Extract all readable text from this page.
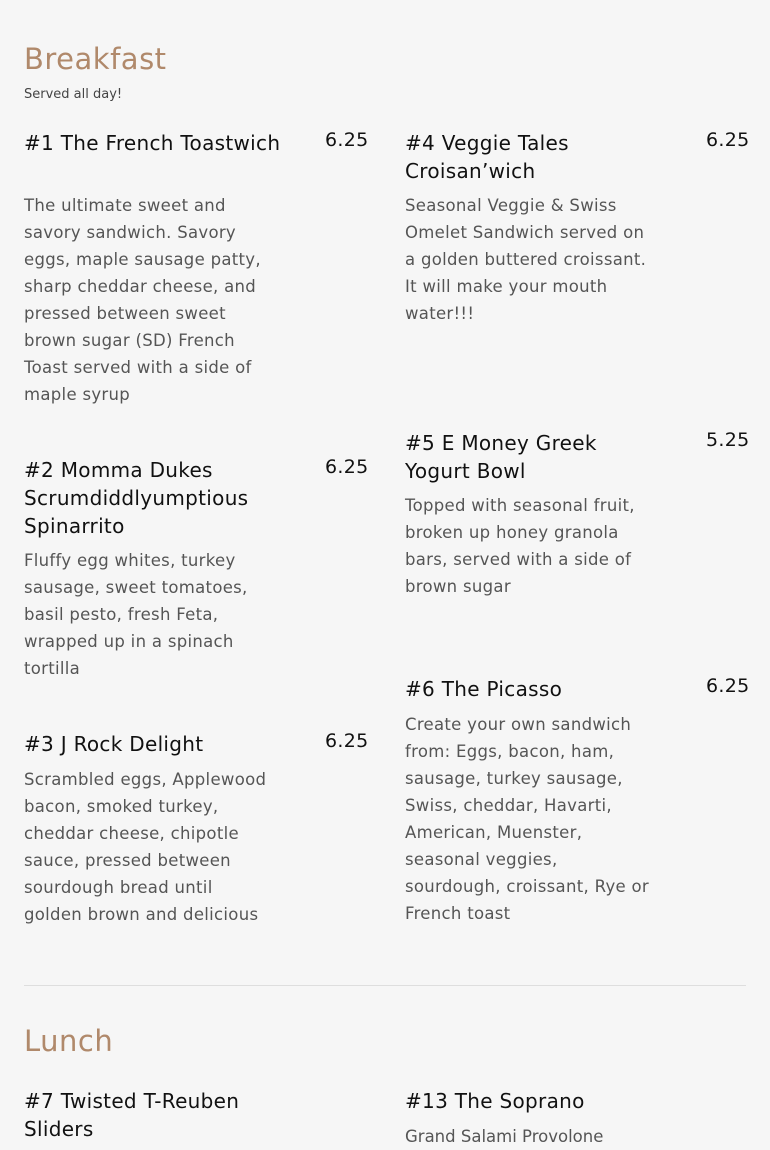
Breakfast

Served all day!

#1 The French Toastwich 6.25

The ultimate sweet and savory sandwich. Savory eggs, maple sausage patty, sharp cheddar cheese, and pressed between sweet brown sugar (SD) French Toast served with a side of maple syrup

#2 Momma Dukes Scrumdiddlyumptious Spinarrito
6.25

Fluffy egg whites, turkey sausage, sweet tomatoes, basil pesto, fresh Feta, wrapped up in a spinach tortilla

#3 J Rock Delight	6.25

Scrambled eggs, Applewood bacon, smoked turkey, cheddar cheese, chipotle sauce, pressed between sourdough bread until golden brown and delicious

#4 Veggie Tales Croisan’wich
6.25

Seasonal Veggie & Swiss Omelet Sandwich served on a golden buttered croissant. It will make your mouth water!!!

#5 E Money Greek Yogurt Bowl
5.25

Topped with seasonal fruit, broken up honey granola bars, served with a side of brown sugar

#6 The Picasso	6.25

Create your own sandwich from: Eggs, bacon, ham, sausage, turkey sausage, Swiss, cheddar, Havarti, American, Muenster, seasonal veggies, sourdough, croissant, Rye or French toast

Lunch
#7 Twisted T-Reuben Sliders
#13 The Soprano
Grand Salami Provolone
